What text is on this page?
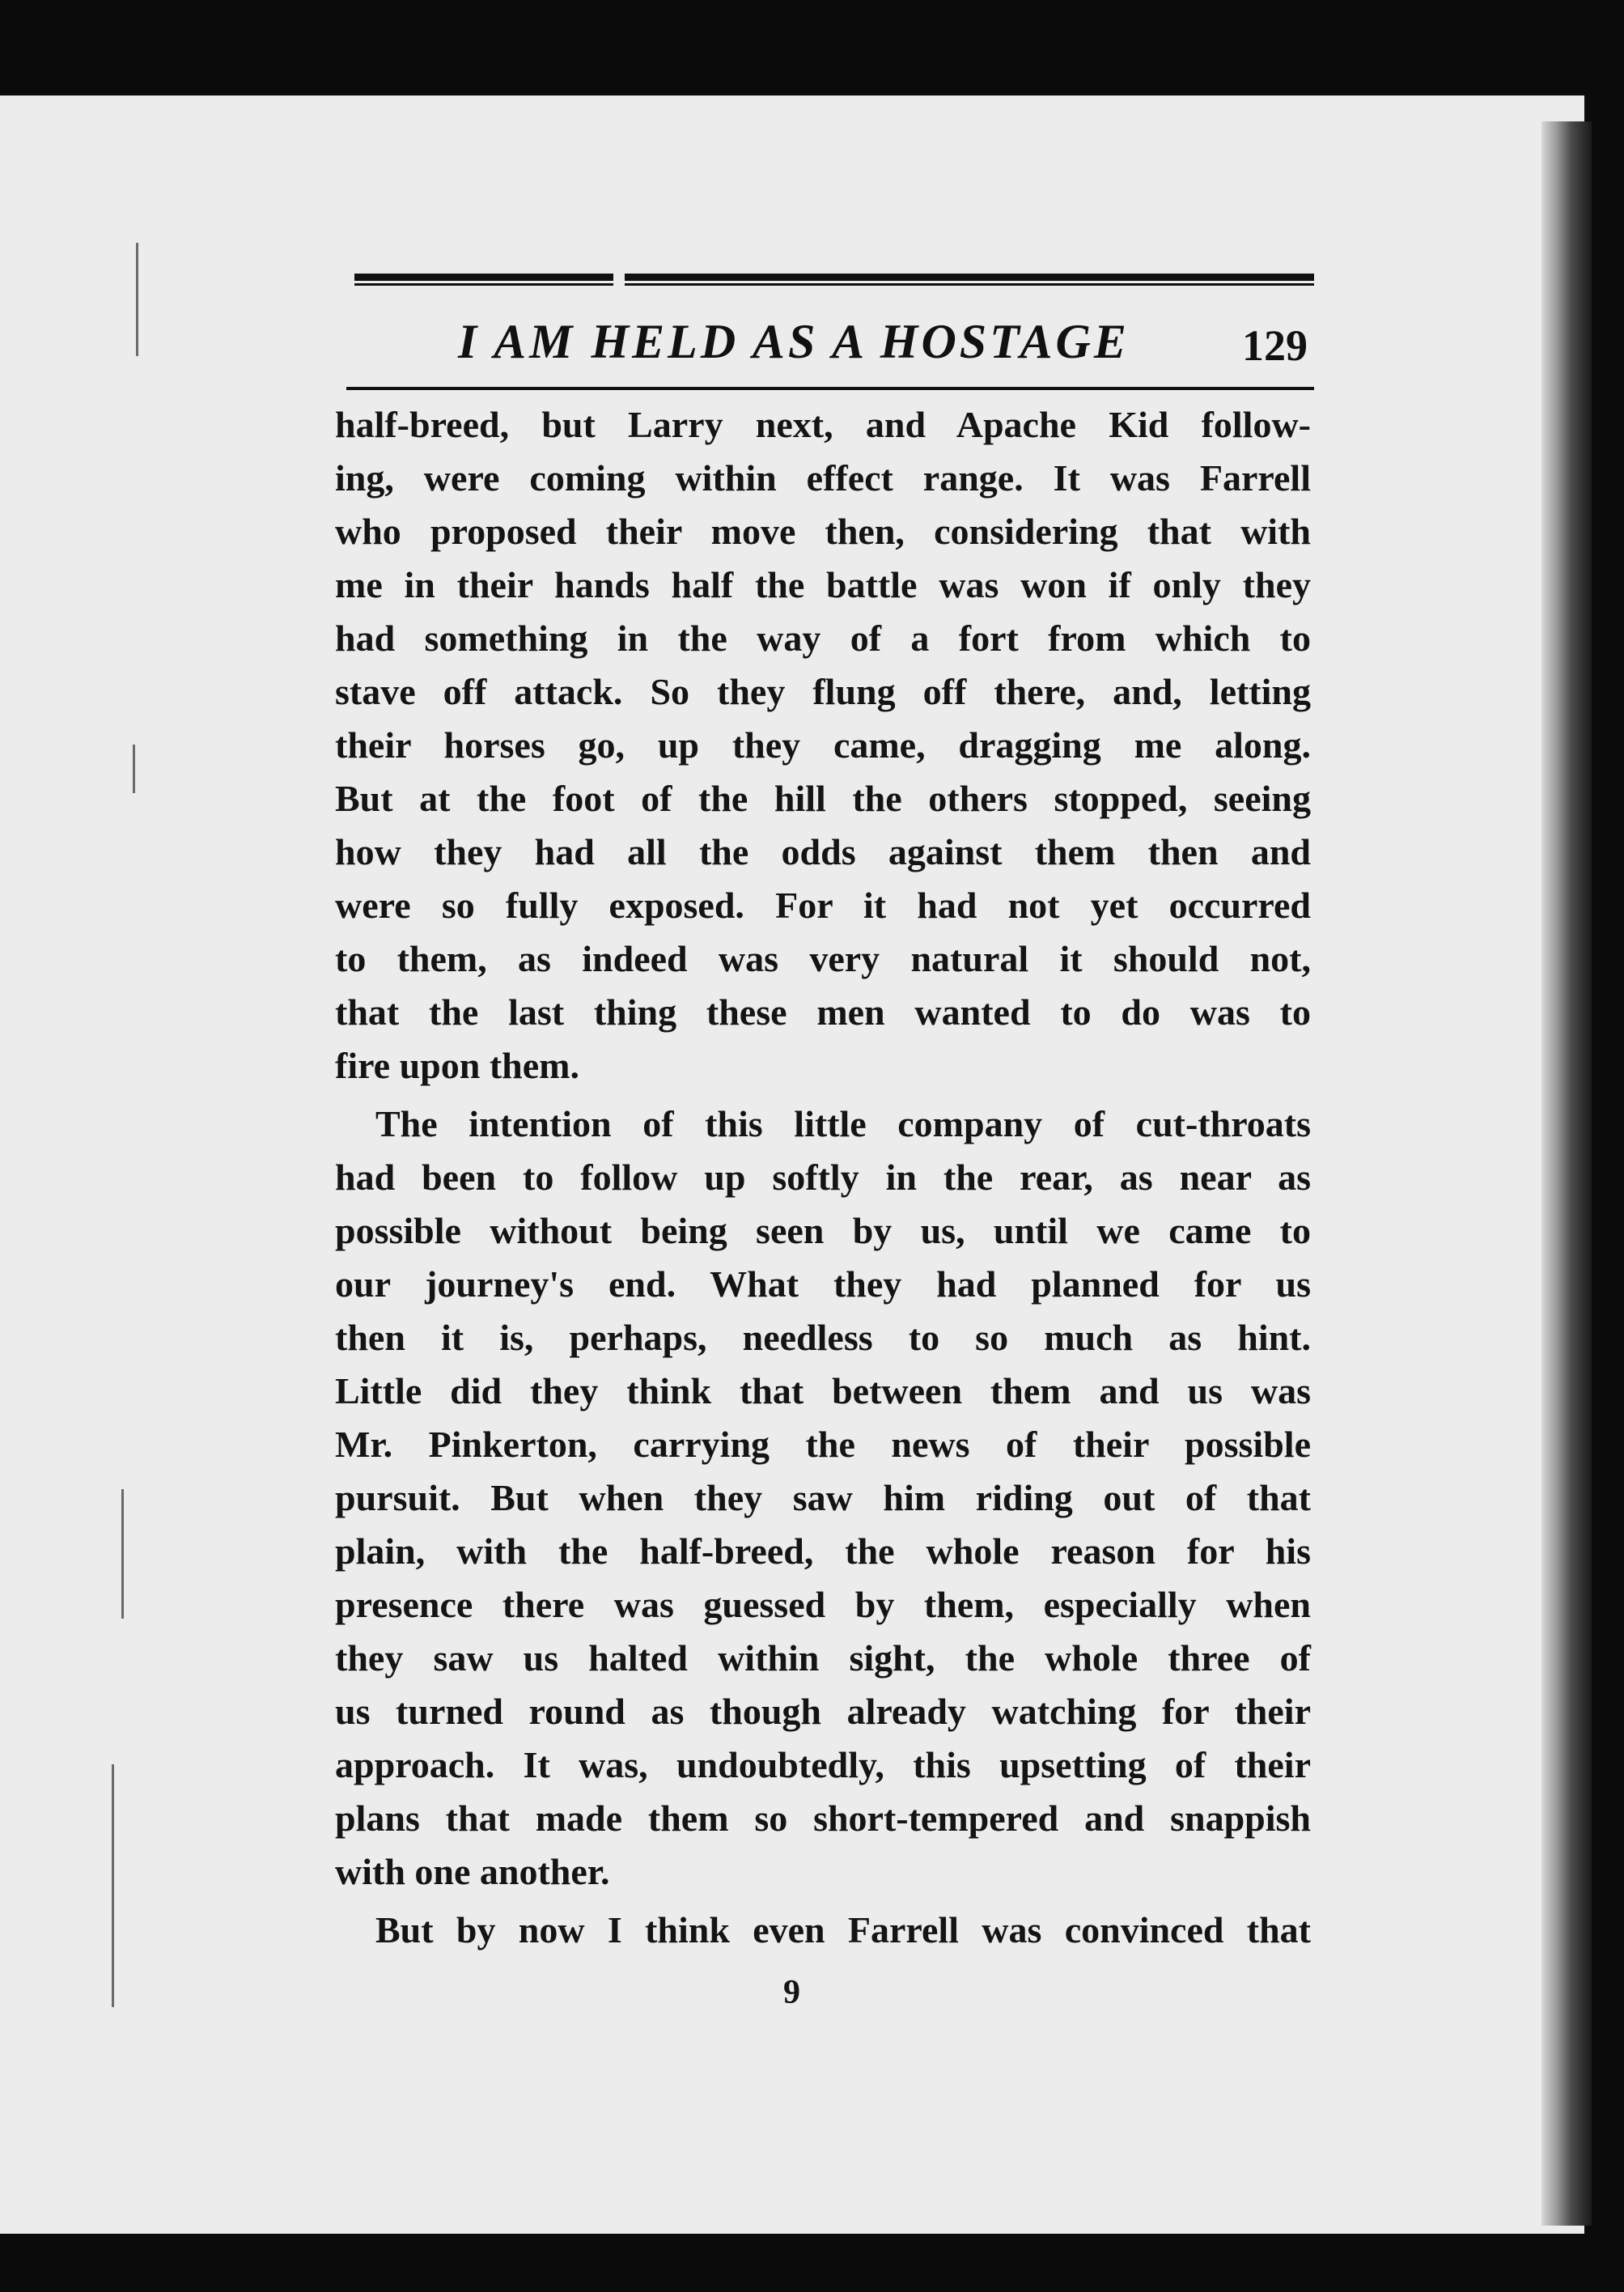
I AM HELD AS A HOSTAGE	129
half-breed, but Larry next, and Apache Kid follow-
ing, were coming within effect range. It was Farrell
who proposed their move then, considering that with
me in their hands half the battle was won if only they
had something in the way of a fort from which to
stave off attack. So they flung off there, and, letting
their horses go, up they came, dragging me along.
But at the foot of the hill the others stopped, seeing
how they had all the odds against them then and
were so fully exposed. For it had not yet occurred
to them, as indeed was very natural it should not,
that the last thing these men wanted to do was to
fire upon them.
The intention of this little company of cut-throats
had been to follow up softly in the rear, as near as
possible without being seen by us, until we came to
our journey's end. What they had planned for us
then it is, perhaps, needless to so much as hint.
Little did they think that between them and us was
Mr. Pinkerton, carrying the news of their possible
pursuit. But when they saw him riding out of that
plain, with the half-breed, the whole reason for his
presence there was guessed by them, especially when
they saw us halted within sight, the whole three of
us turned round as though already watching for their
approach. It was, undoubtedly, this upsetting of their
plans that made them so short-tempered and snappish
with one another.
But by now I think even Farrell was convinced that
9
